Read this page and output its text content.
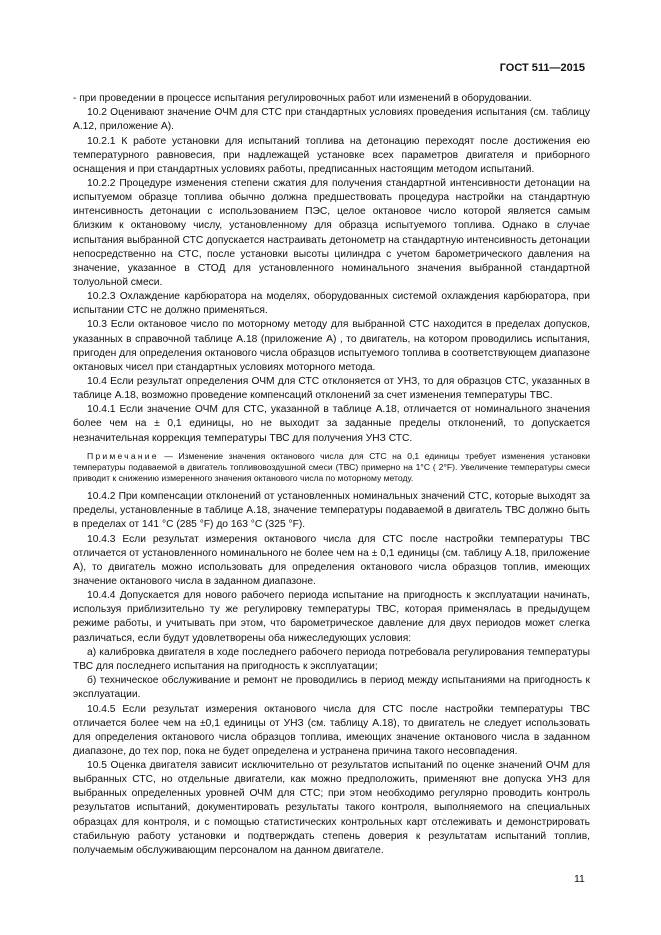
ГОСТ 511—2015

- при проведении в процессе испытания регулировочных работ или изменений в оборудовании.

10.2 Оценивают значение ОЧМ для СТС при стандартных условиях проведения испытания (см. таблицу А.12, приложение А).

10.2.1 К работе установки для испытаний топлива на детонацию переходят после достижения ею температурного равновесия, при надлежащей установке всех параметров двигателя и приборного оснащения и при стандартных условиях работы, предписанных настоящим методом испытаний.

10.2.2 Процедуре изменения степени сжатия для получения стандартной интенсивности детонации на испытуемом образце топлива обычно должна предшествовать процедура настройки на стандартную интенсивность детонации с использованием ПЭС, целое октановое число которой является самым близким к октановому числу, установленному для образца испытуемого топлива. Однако в случае испытания выбранной СТС допускается настраивать детонометр на стандартную интенсивность детонации непосредственно на СТС, после установки высоты цилиндра с учетом барометрического давления на значение, указанное в СТОД для установленного номинального значения выбранной стандартной толуольной смеси.

10.2.3 Охлаждение карбюратора на моделях, оборудованных системой охлаждения карбюратора, при испытании СТС не должно применяться.

10.3 Если октановое число по моторному методу для выбранной СТС находится в пределах допусков, указанных в справочной таблице А.18 (приложение А) , то двигатель, на котором проводились испытания, пригоден для определения октанового числа образцов испытуемого топлива в соответствующем диапазоне октановых чисел при стандартных условиях моторного метода.

10.4 Если результат определения ОЧМ для СТС отклоняется от УНЗ, то для образцов СТС, указанных в таблице А.18, возможно проведение компенсаций отклонений за счет изменения температуры ТВС.

10.4.1 Если значение ОЧМ для СТС, указанной в таблице А.18, отличается от номинального значения более чем на ± 0,1 единицы, но не выходит за заданные пределы отклонений, то допускается незначительная коррекция температуры ТВС для получения УНЗ СТС.

Примечание — Изменение значения октанового числа для СТС на 0,1 единицы требует изменения установки температуры подаваемой в двигатель топливовоздушной смеси (ТВС) примерно на 1°С ( 2°F). Увеличение температуры смеси приводит к снижению измеренного значения октанового числа по моторному методу.

10.4.2 При компенсации отклонений от установленных номинальных значений СТС, которые выходят за пределы, установленные в таблице А.18, значение температуры подаваемой в двигатель ТВС должно быть в пределах от 141 °С (285 °F) до 163 °С (325 °F).

10.4.3 Если результат измерения октанового числа для СТС после настройки температуры ТВС отличается от установленного номинального не более чем на ± 0,1 единицы (см. таблицу А.18, приложение А), то двигатель можно использовать для определения октанового числа образцов топлив, имеющих значение октанового числа в заданном диапазоне.

10.4.4 Допускается для нового рабочего периода испытание на пригодность к эксплуатации начинать, используя приблизительно ту же регулировку температуры ТВС, которая применялась в предыдущем режиме работы, и учитывать при этом, что барометрическое давление для двух периодов может слегка различаться, если будут удовлетворены оба нижеследующих условия:

а) калибровка двигателя в ходе последнего рабочего периода потребовала регулирования температуры ТВС для последнего испытания на пригодность к эксплуатации;

б) техническое обслуживание и ремонт не проводились в период между испытаниями на пригодность к эксплуатации.

10.4.5 Если результат измерения октанового числа для СТС после настройки температуры ТВС отличается более чем на ±0,1 единицы от УНЗ (см. таблицу А.18), то двигатель не следует использовать для определения октанового числа образцов топлива, имеющих значение октанового числа в заданном диапазоне, до тех пор, пока не будет определена и устранена причина такого несовпадения.

10.5 Оценка двигателя зависит исключительно от результатов испытаний по оценке значений ОЧМ для выбранных СТС, но отдельные двигатели, как можно предположить, применяют вне допуска УНЗ для выбранных определенных уровней ОЧМ для СТС; при этом необходимо регулярно проводить контроль результатов испытаний, документировать результаты такого контроля, выполняемого на специальных образцах для контроля, и с помощью статистических контрольных карт отслеживать и демонстрировать стабильную работу установки и подтверждать степень доверия к результатам испытаний топлив, получаемым обслуживающим персоналом на данном двигателе.

11
